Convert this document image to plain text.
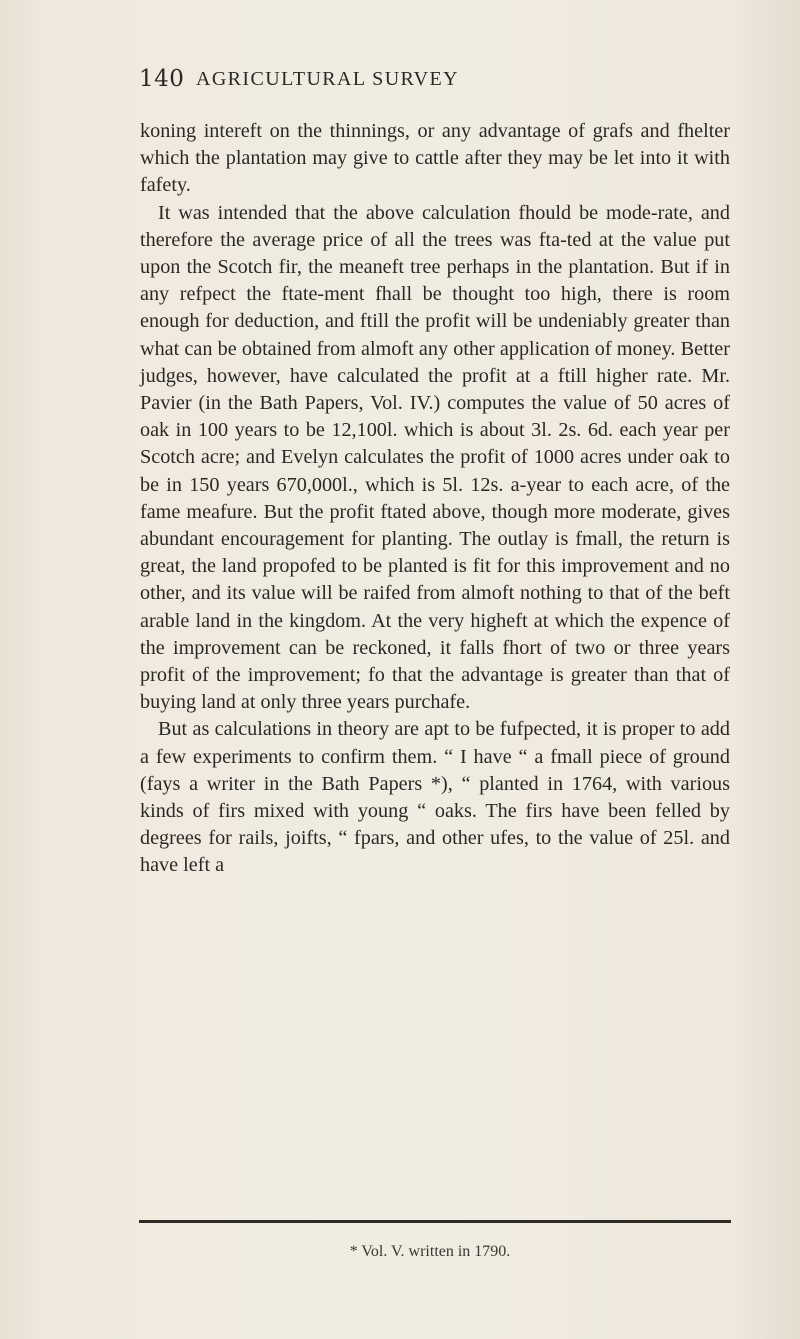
140 AGRICULTURAL SURVEY

koning intereft on the thinnings, or any advantage of grafs and fhelter which the plantation may give to cattle after they may be let into it with fafety.

It was intended that the above calculation fhould be mode-rate, and therefore the average price of all the trees was fta-ted at the value put upon the Scotch fir, the meaneft tree perhaps in the plantation. But if in any refpect the ftate-ment fhall be thought too high, there is room enough for deduction, and ftill the profit will be undeniably greater than what can be obtained from almoft any other application of money. Better judges, however, have calculated the profit at a ftill higher rate. Mr. Pavier (in the Bath Papers, Vol. IV.) computes the value of 50 acres of oak in 100 years to be 12,100l. which is about 3l. 2s. 6d. each year per Scotch acre; and Evelyn calculates the profit of 1000 acres under oak to be in 150 years 670,000l., which is 5l. 12s. a-year to each acre, of the fame meafure. But the profit ftated above, though more moderate, gives abundant encouragement for planting. The outlay is fmall, the return is great, the land propofed to be planted is fit for this improvement and no other, and its value will be raifed from almoft nothing to that of the beft arable land in the kingdom. At the very higheft at which the expence of the improvement can be reckoned, it falls fhort of two or three years profit of the improvement; fo that the advantage is greater than that of buying land at only three years purchafe.

But as calculations in theory are apt to be fufpected, it is proper to add a few experiments to confirm them. “ I have “ a fmall piece of ground (fays a writer in the Bath Papers *), “ planted in 1764, with various kinds of firs mixed with young “ oaks. The firs have been felled by degrees for rails, joifts, “ fpars, and other ufes, to the value of 25l. and have left a

* Vol. V. written in 1790.
